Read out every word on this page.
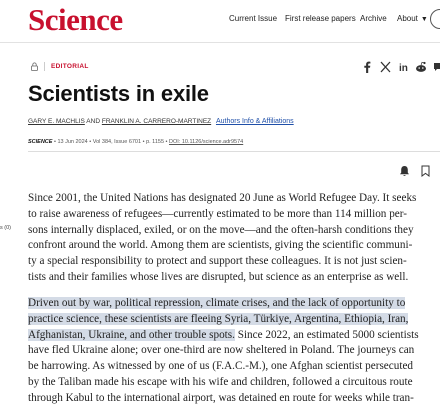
Science	Current Issue First release papers Archive About ▼
EDITORIAL	in
Scientists in exile
GARY E. MACHLIS AND FRANKLIN A. CARRERO-MARTINEZ Authors Info & Affiliations
SCIENCE • 13 Jun 2024 • Vol 384, Issue 6701 • p. 1155 • DOI: 10.1126/science.adr9574
s (0)
Since 2001, the United Nations has designated 20 June as World Refugee Day. It seeks
to raise awareness of refugees—currently estimated to be more than 114 million per-
sons internally displaced, exiled, or on the move—and the often-harsh conditions they
confront around the world. Among them are scientists, giving the scientific communi-
ty a special responsibility to protect and support these colleagues. It is not just scien-
tists and their families whose lives are disrupted, but science as an enterprise as well.
Driven out by war, political repression, climate crises, and the lack of opportunity to
practice science, these scientists are fleeing Syria, Türkiye, Argentina, Ethiopia, Iran,
Afghanistan, Ukraine, and other trouble spots. Since 2022, an estimated 5000 scientists
have fled Ukraine alone; over one-third are now sheltered in Poland. The journeys can
be harrowing. As witnessed by one of us (F.A.C.-M.), one Afghan scientist persecuted
by the Taliban made his escape with his wife and children, followed a circuitous route
through Kabul to the international airport, was detained en route for weeks while tran-
